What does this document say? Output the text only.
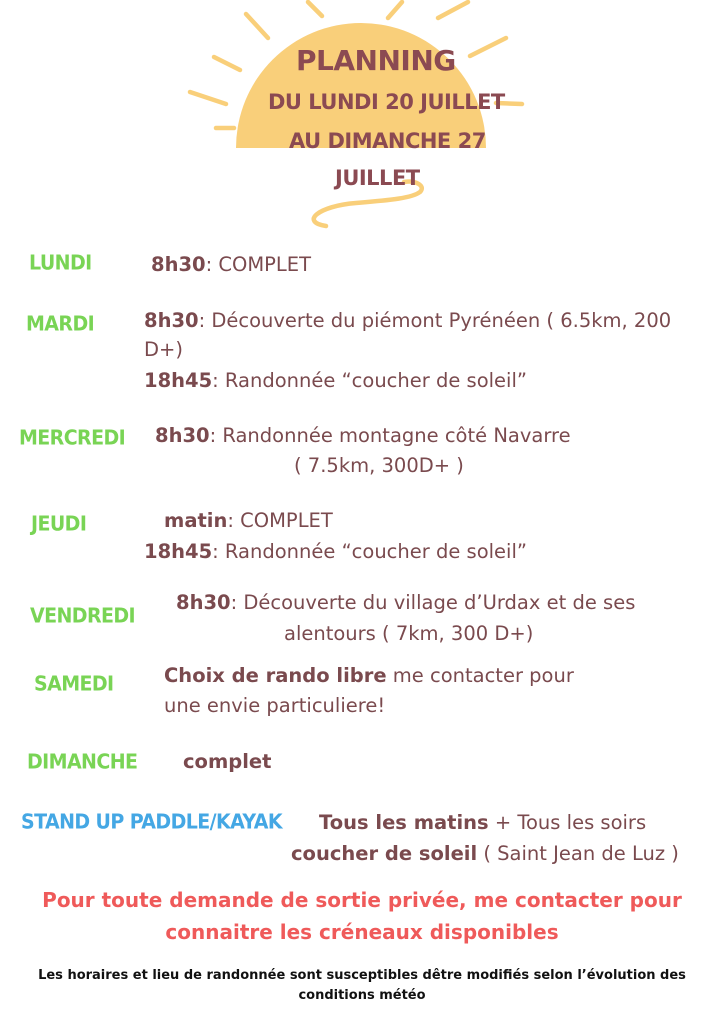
PLANNING
DU LUNDI 20 JUILLET
AU DIMANCHE 27
JUILLET
LUNDI	8h30: COMPLET
MARDI	8h30: Découverte du piémont Pyrénéen ( 6.5km, 200
D+)
18h45: Randonnée “coucher de soleil”
MERCREDI 8h30: Randonnée montagne côté Navarre
( 7.5km, 300D+ )
JEUDI	matin: COMPLET
18h45: Randonnée “coucher de soleil”
VENDREDI
8h30: Découverte du village d’Urdax et de ses
alentours ( 7km, 300 D+)
SAMEDI	Choix de rando libre me contacter pour
une envie particuliere!
DIMANCHE complet
STAND UP PADDLE/KAYAK Tous les matins + Tous les soirs
coucher de soleil ( Saint Jean de Luz )
Pour toute demande de sortie privée, me contacter pour
connaitre les créneaux disponibles
Les horaires et lieu de randonnée sont susceptibles dêtre modifiés selon l’évolution des
conditions météo
